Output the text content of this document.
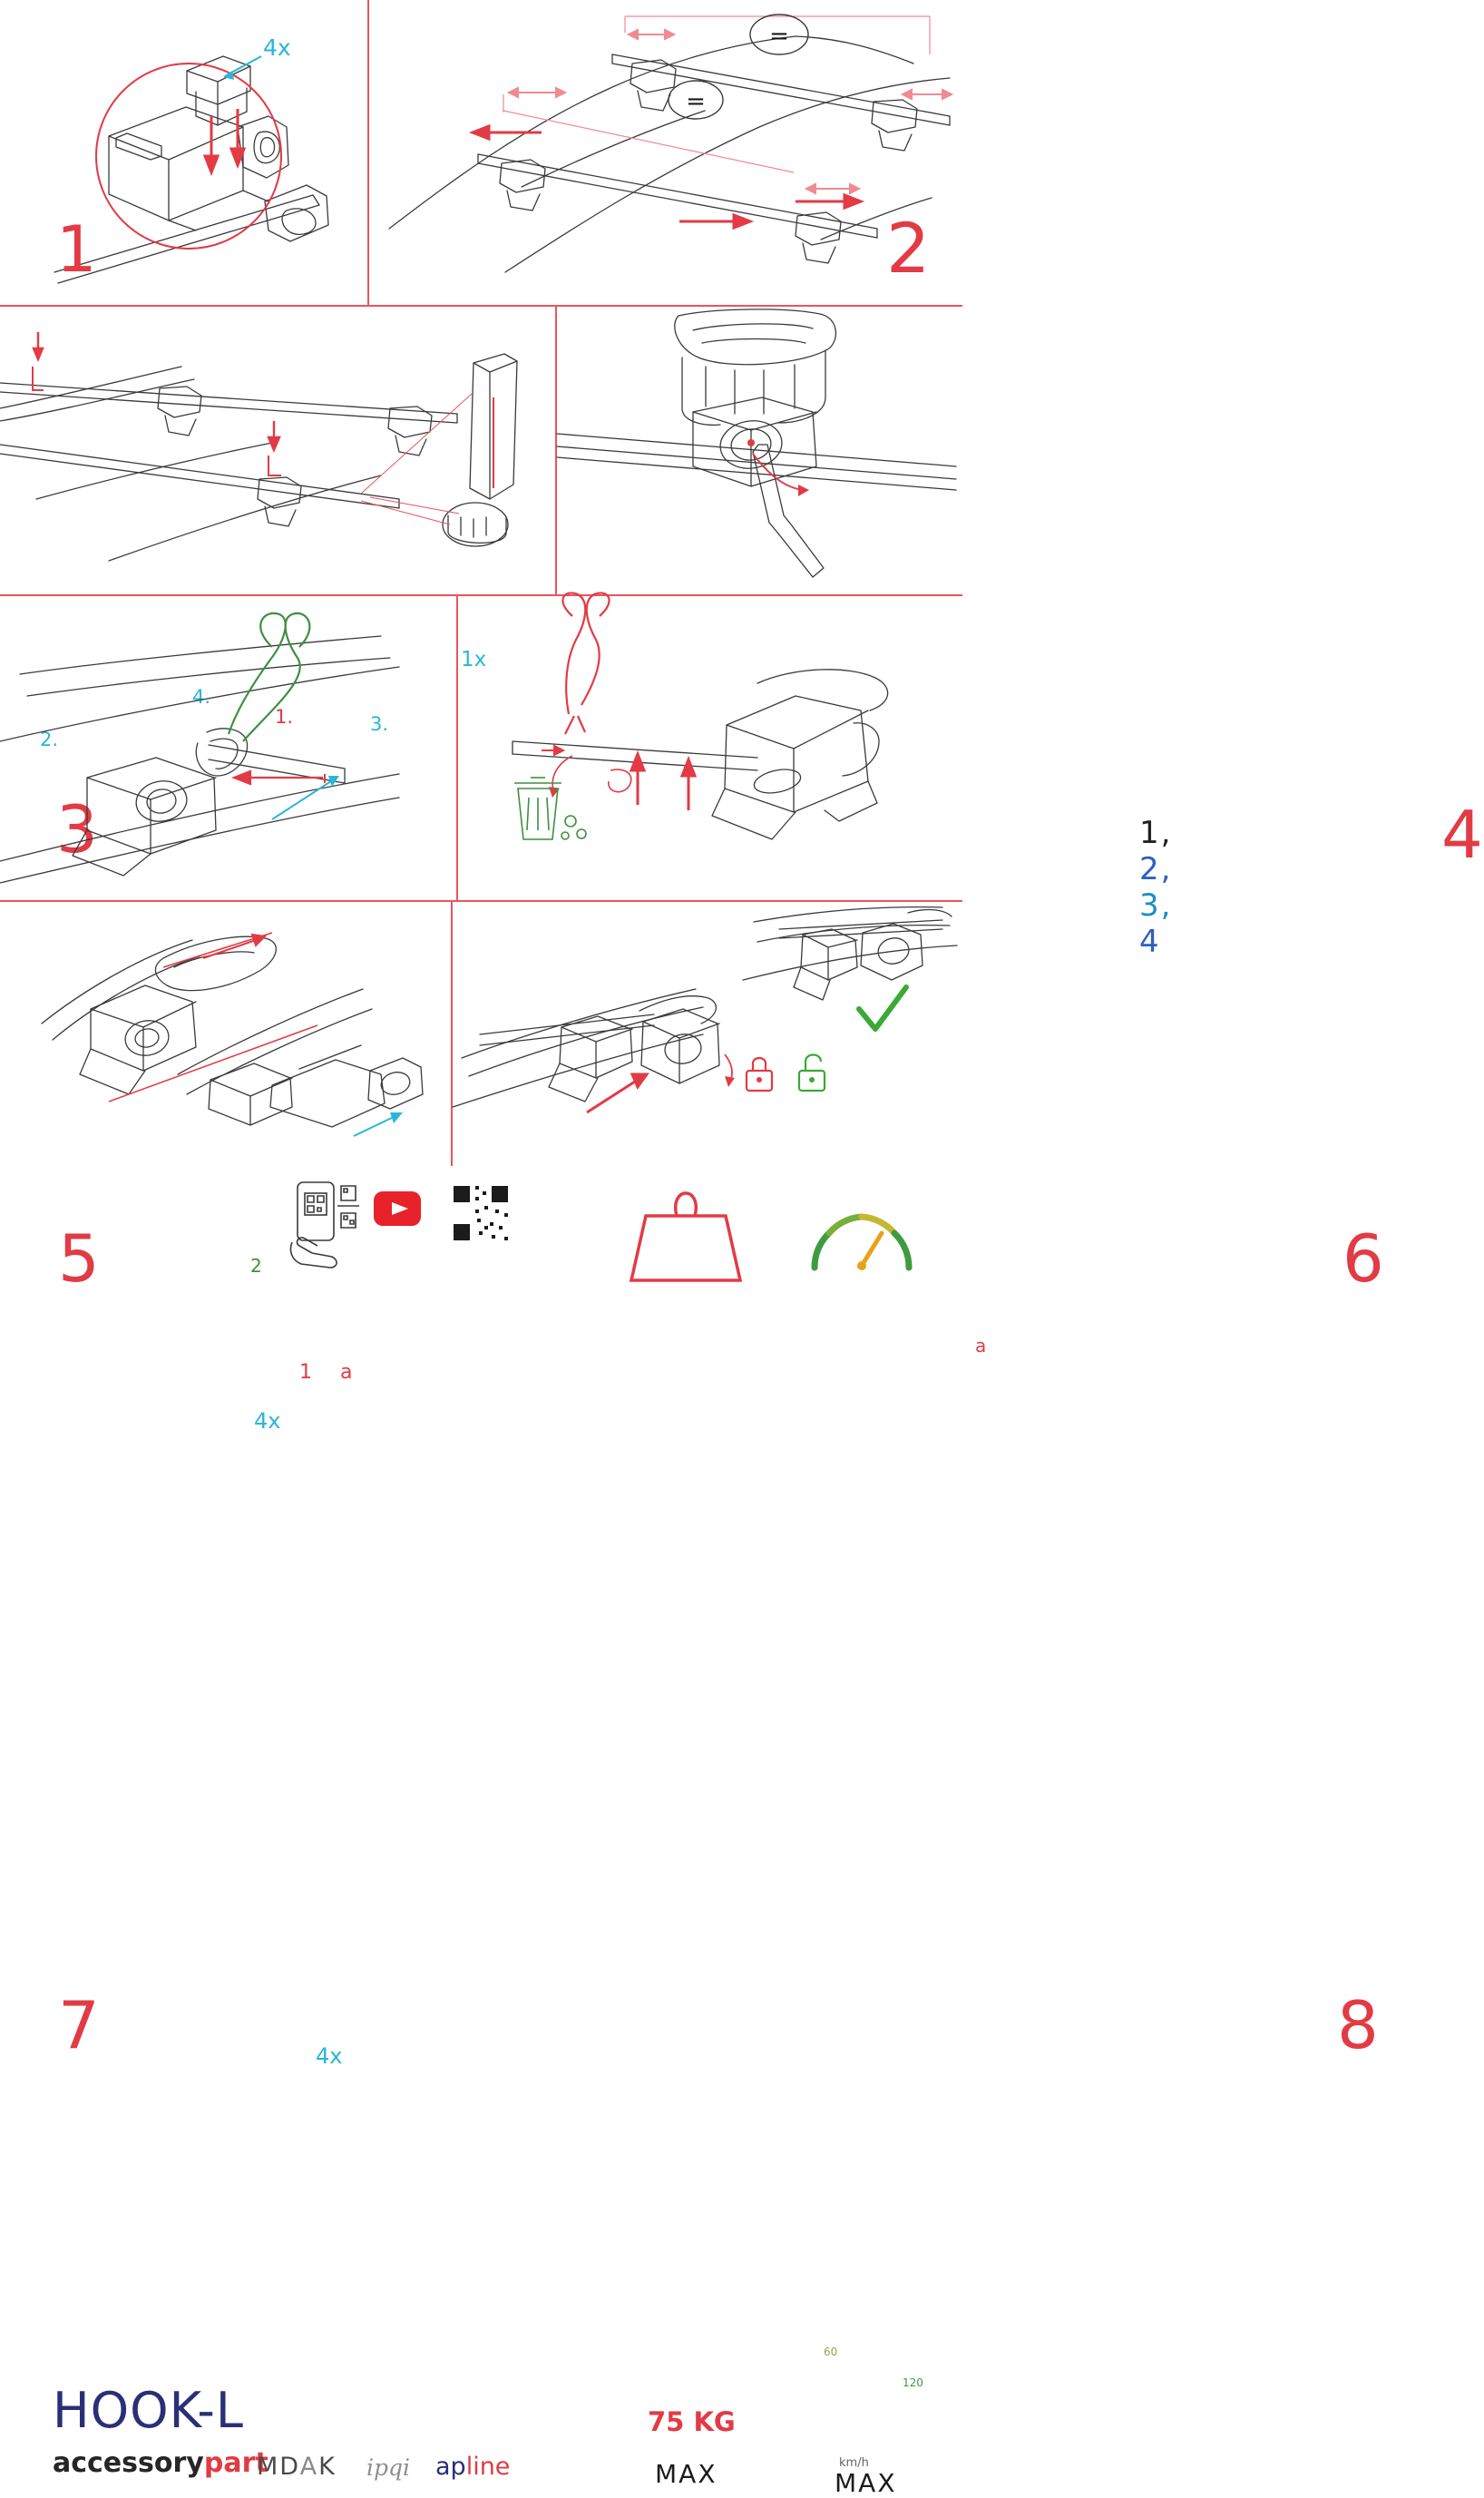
4x
1
=
=
2
1.
2.
3.
4.
1x
3	1, 2, 3, 4
4
1
2
a
4x
5
a
6
4x
7	8
HOOK-L
accessorypart
MDAK ipqi apline
75 KG
MAX	MAX
km/h
60
120
